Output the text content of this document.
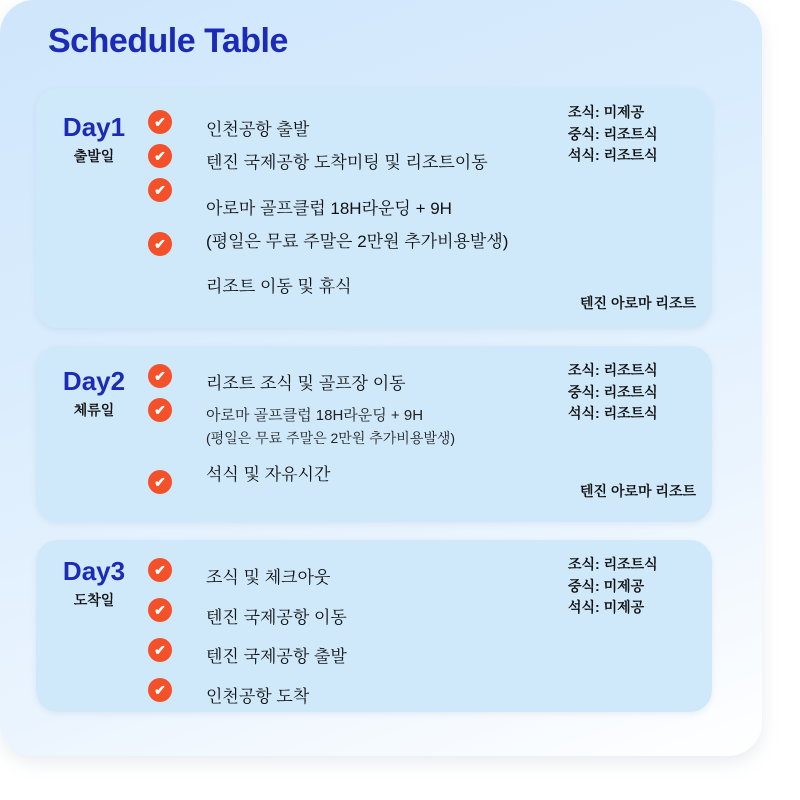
Schedule Table
Day1
출발일
✔
✔
✔
✔
인천공항 출발
텐진 국제공항 도착미팅 및 리조트이동
아로마 골프클럽 18H라운딩 + 9H
(평일은 무료 주말은 2만원 추가비용발생)
리조트 이동 및 휴식
조식: 미제공
중식: 리조트식
석식: 리조트식
텐진 아로마 리조트
Day2
체류일
✔
✔
✔
리조트 조식 및 골프장 이동
아로마 골프클럽 18H라운딩 + 9H
(평일은 무료 주말은 2만원 추가비용발생)
석식 및 자유시간
조식: 리조트식
중식: 리조트식
석식: 리조트식
텐진 아로마 리조트
Day3
도착일
✔
✔
✔
✔
조식 및 체크아웃
텐진 국제공항 이동
텐진 국제공항 출발
인천공항 도착
조식: 리조트식
중식: 미제공
석식: 미제공
